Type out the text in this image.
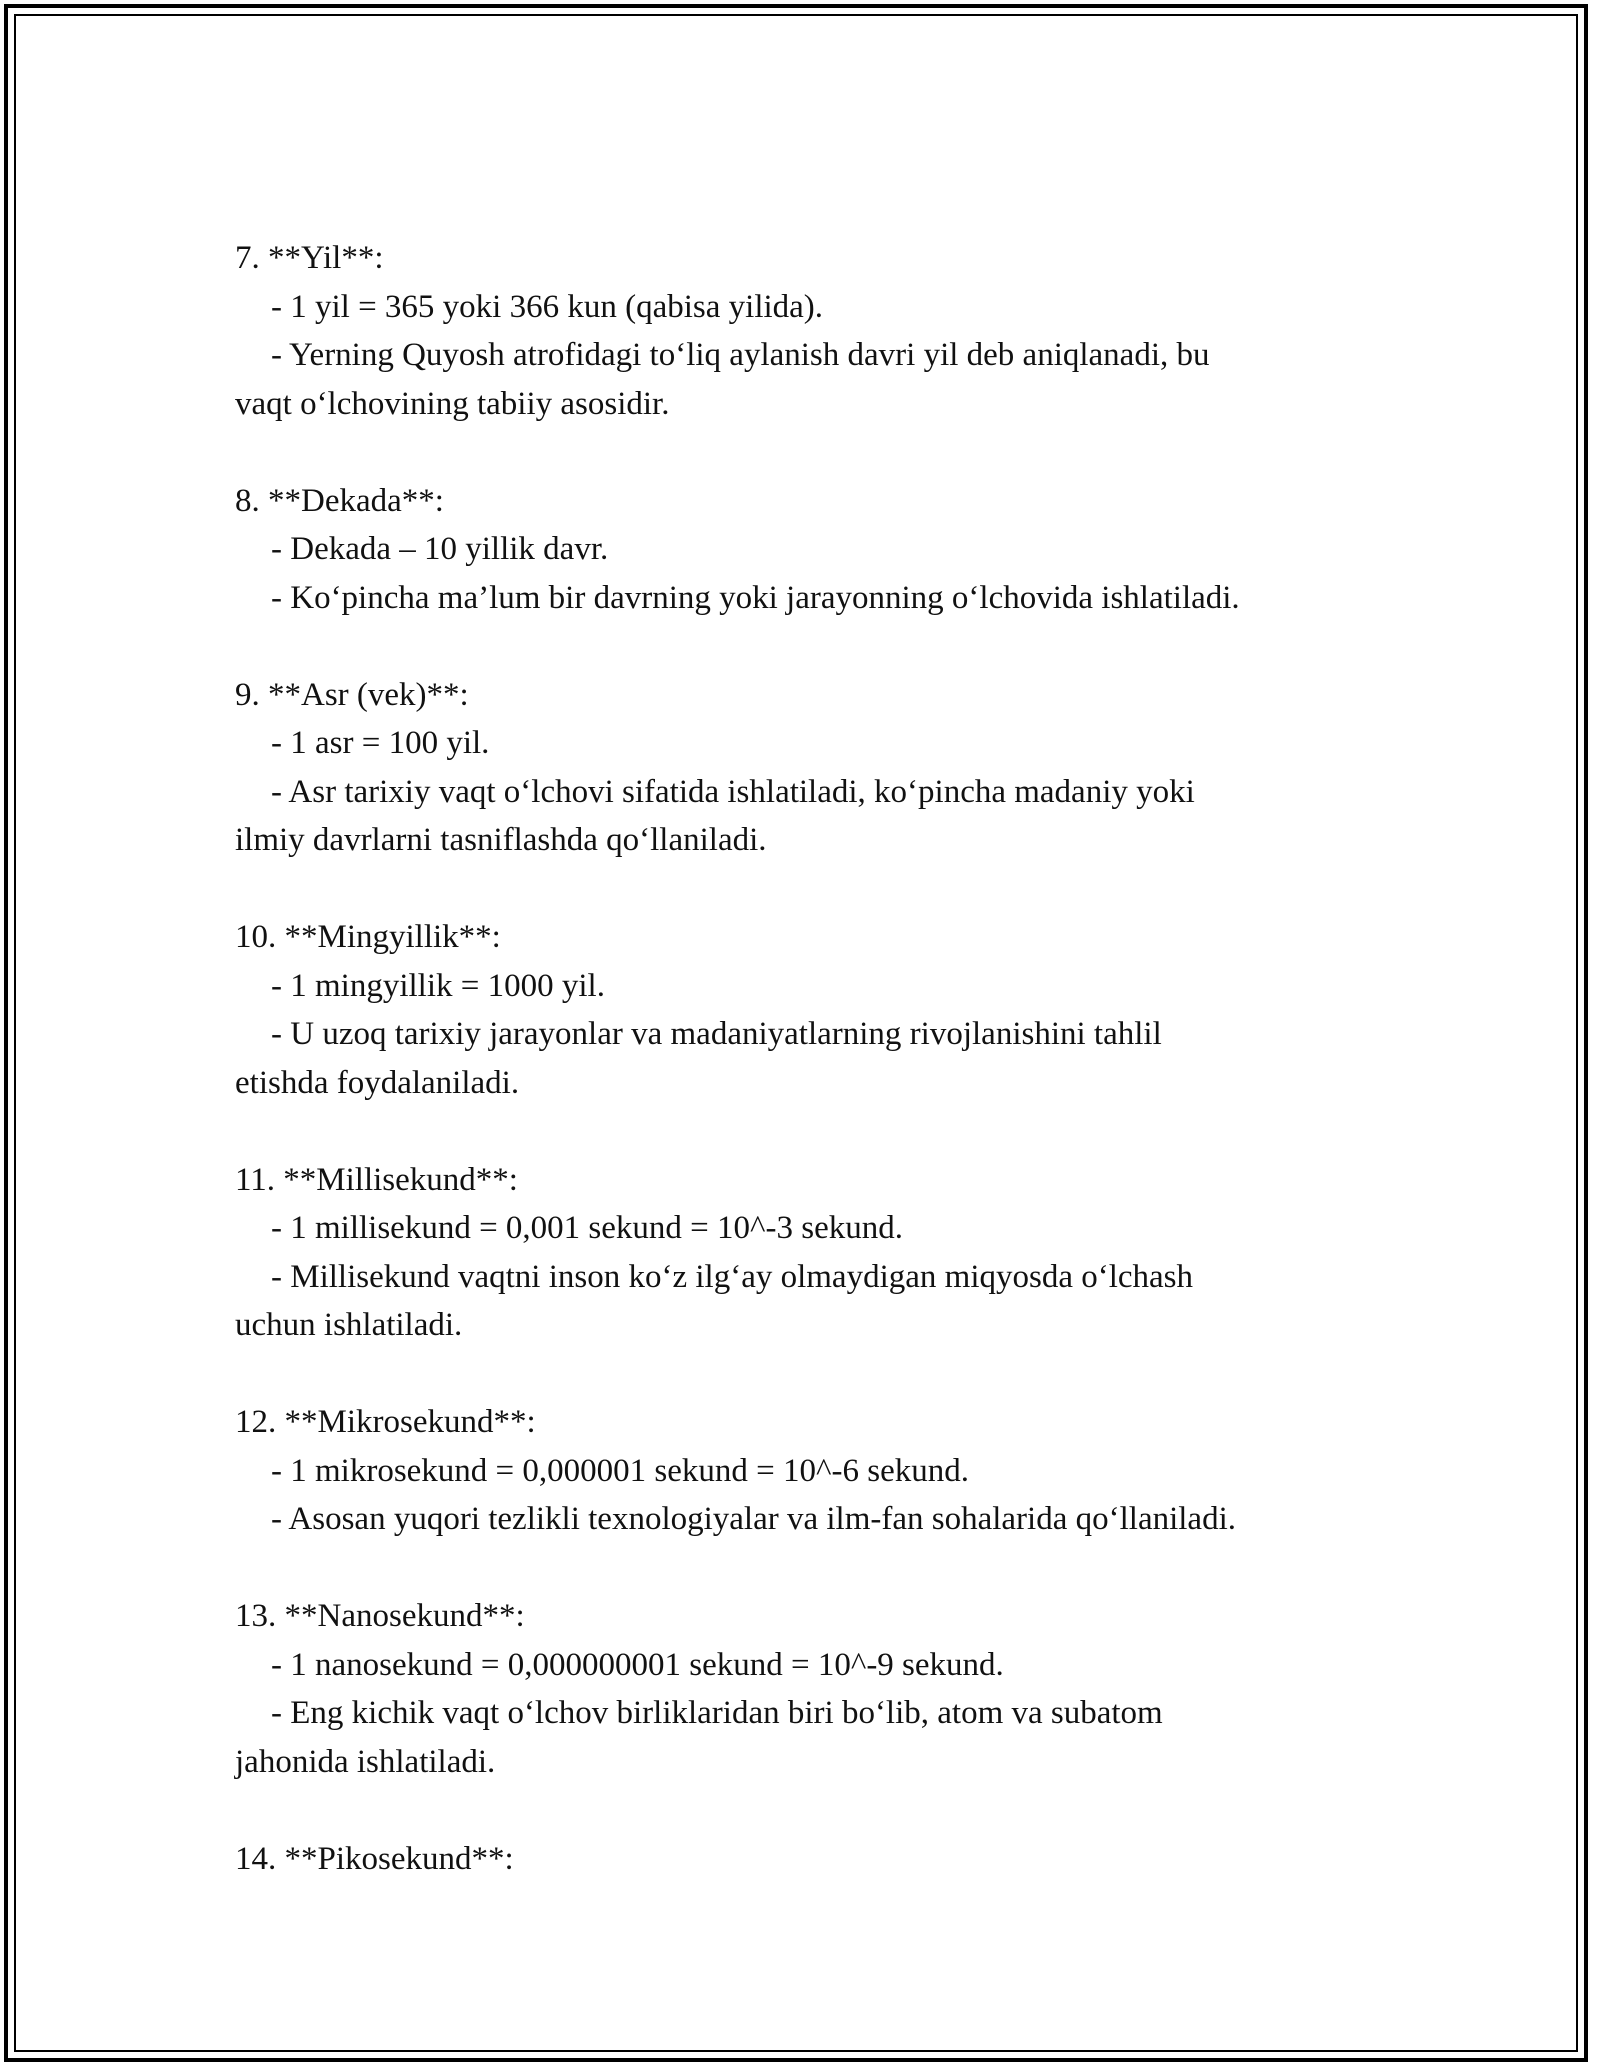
7. **Yil**:
- 1 yil = 365 yoki 366 kun (qabisa yilida).
- Yerning Quyosh atrofidagi to‘liq aylanish davri yil deb aniqlanadi, bu
vaqt o‘lchovining tabiiy asosidir.
8. **Dekada**:
- Dekada – 10 yillik davr.
- Ko‘pincha ma’lum bir davrning yoki jarayonning o‘lchovida ishlatiladi.
9. **Asr (vek)**:
- 1 asr = 100 yil.
- Asr tarixiy vaqt o‘lchovi sifatida ishlatiladi, ko‘pincha madaniy yoki
ilmiy davrlarni tasniflashda qo‘llaniladi.
10. **Mingyillik**:
- 1 mingyillik = 1000 yil.
- U uzoq tarixiy jarayonlar va madaniyatlarning rivojlanishini tahlil
etishda foydalaniladi.
11. **Millisekund**:
- 1 millisekund = 0,001 sekund = 10^-3 sekund.
- Millisekund vaqtni inson ko‘z ilg‘ay olmaydigan miqyosda o‘lchash
uchun ishlatiladi.
12. **Mikrosekund**:
- 1 mikrosekund = 0,000001 sekund = 10^-6 sekund.
- Asosan yuqori tezlikli texnologiyalar va ilm-fan sohalarida qo‘llaniladi.
13. **Nanosekund**:
- 1 nanosekund = 0,000000001 sekund = 10^-9 sekund.
- Eng kichik vaqt o‘lchov birliklaridan biri bo‘lib, atom va subatom
jahonida ishlatiladi.
14. **Pikosekund**:
